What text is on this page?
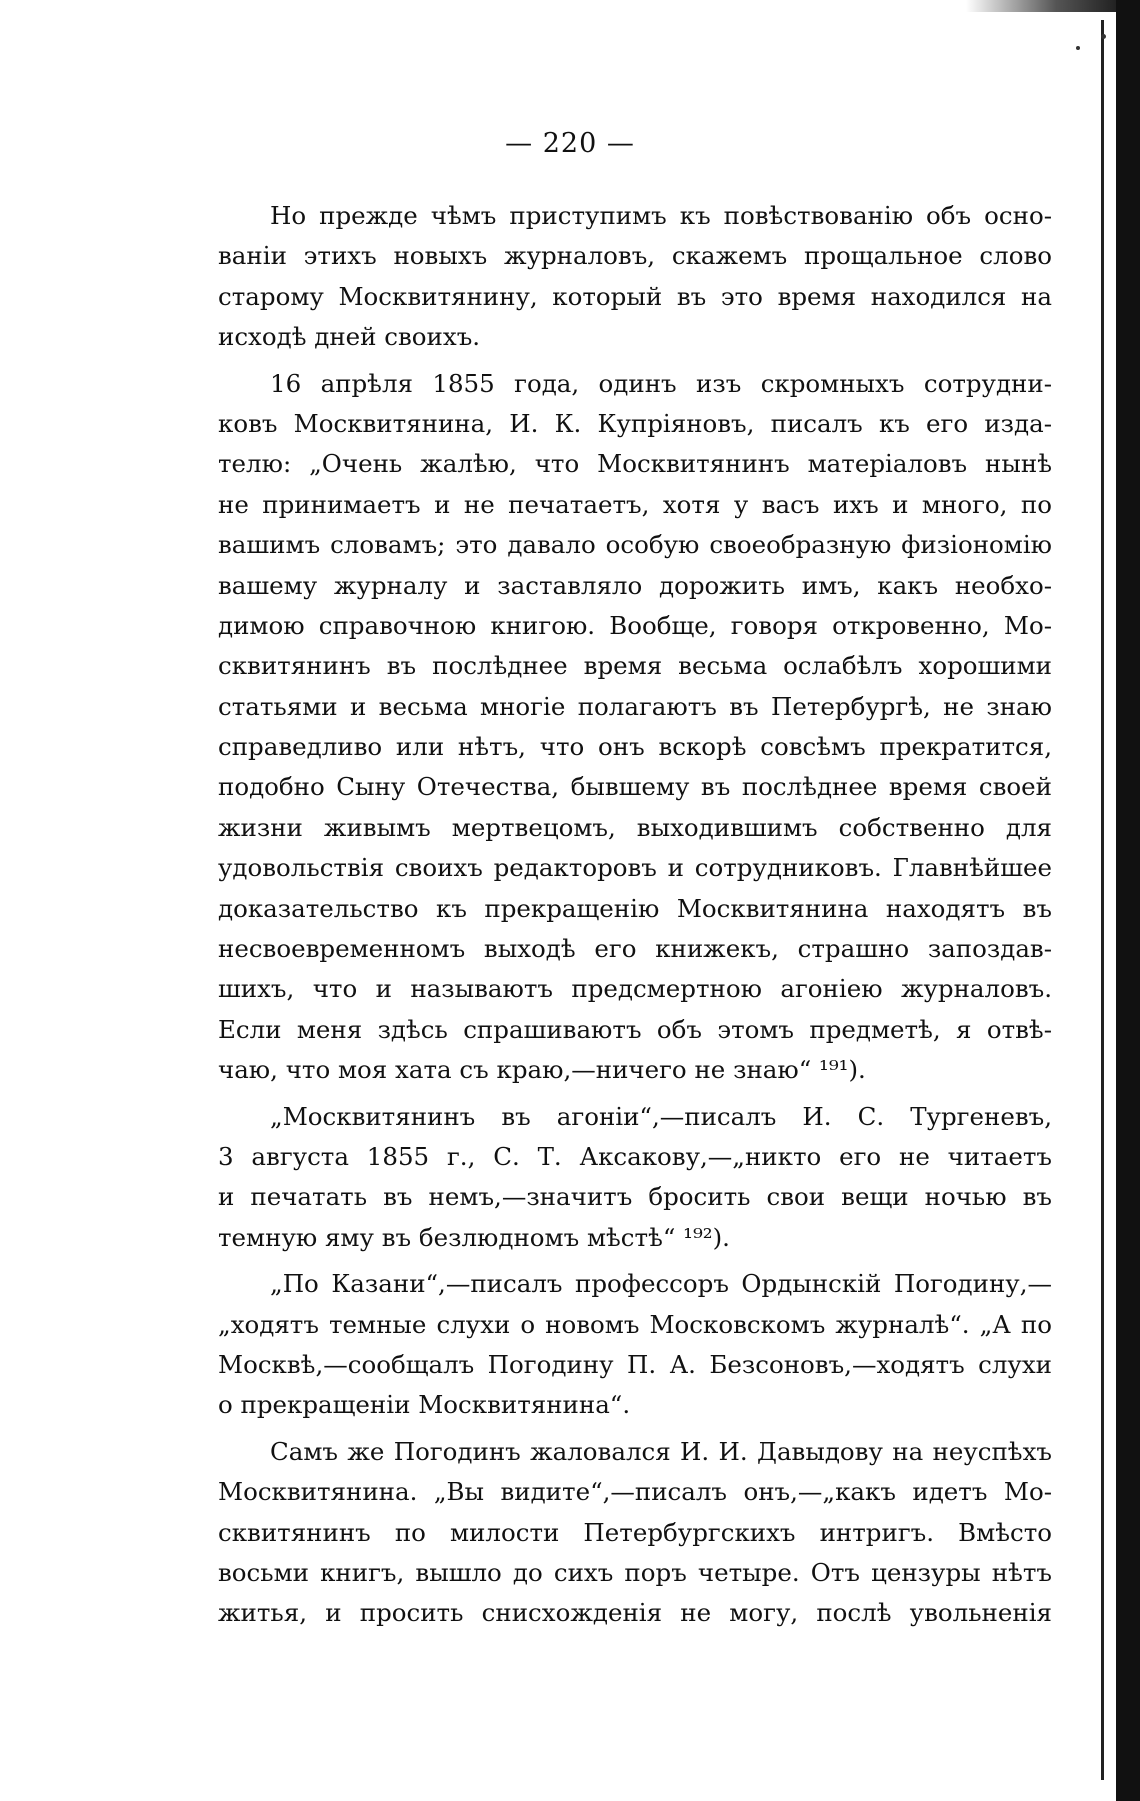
— 220 —
Но прежде чѣмъ приступимъ къ повѣствованію объ осно-
ваніи этихъ новыхъ журналовъ, скажемъ прощальное слово
старому Москвитянину, который въ это время находился на
исходѣ дней своихъ.
16 апрѣля 1855 года, одинъ изъ скромныхъ сотрудни-
ковъ Москвитянина, И. К. Купріяновъ, писалъ къ его изда-
телю: „Очень жалѣю, что Москвитянинъ матеріаловъ нынѣ
не принимаетъ и не печатаетъ, хотя у васъ ихъ и много, по
вашимъ словамъ; это давало особую своеобразную физіономію
вашему журналу и заставляло дорожить имъ, какъ необхо-
димою справочною книгою. Вообще, говоря откровенно, Мо-
сквитянинъ въ послѣднее время весьма ослабѣлъ хорошими
статьями и весьма многіе полагаютъ въ Петербургѣ, не знаю
справедливо или нѣтъ, что онъ вскорѣ совсѣмъ прекратится,
подобно Сыну Отечества, бывшему въ послѣднее время своей
жизни живымъ мертвецомъ, выходившимъ собственно для
удовольствія своихъ редакторовъ и сотрудниковъ. Главнѣйшее
доказательство къ прекращенію Москвитянина находятъ въ
несвоевременномъ выходѣ его книжекъ, страшно запоздав-
шихъ, что и называютъ предсмертною агоніею журналовъ.
Если меня здѣсь спрашиваютъ объ этомъ предметѣ, я отвѣ-
чаю, что моя хата съ краю,—ничего не знаю“ ¹⁹¹).
„Москвитянинъ въ агоніи“,—писалъ И. С. Тургеневъ,
3 августа 1855 г., С. Т. Аксакову,—„никто его не читаетъ
и печатать въ немъ,—значитъ бросить свои вещи ночью въ
темную яму въ безлюдномъ мѣстѣ“ ¹⁹²).
„По Казани“,—писалъ профессоръ Ордынскій Погодину,—
„ходятъ темные слухи о новомъ Московскомъ журналѣ“. „А по
Москвѣ,—сообщалъ Погодину П. А. Безсоновъ,—ходятъ слухи
о прекращеніи Москвитянина“.
Самъ же Погодинъ жаловался И. И. Давыдову на неуспѣхъ
Москвитянина. „Вы видите“,—писалъ онъ,—„какъ идетъ Мо-
сквитянинъ по милости Петербургскихъ интригъ. Вмѣсто
восьми книгъ, вышло до сихъ поръ четыре. Отъ цензуры нѣтъ
житья, и просить снисхожденія не могу, послѣ увольненія
